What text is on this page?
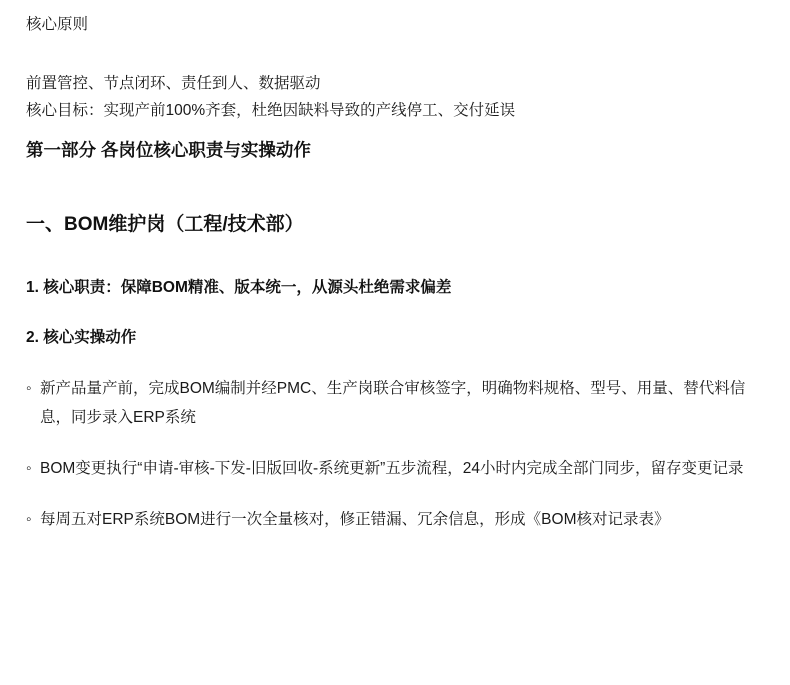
核心原则

前置管控、节点闭环、责任到人、数据驱动

核心目标：实现产前100%齐套，杜绝因缺料导致的产线停工、交付延误

第一部分 各岗位核心职责与实操动作

一、BOM维护岗（工程/技术部）

1. 核心职责：保障BOM精准、版本统一，从源头杜绝需求偏差

2. 核心实操动作

◦ 新产品量产前，完成BOM编制并经PMC、生产岗联合审核签字，明确物料规格、型号、用量、替代料信息，同步录入ERP系统
◦ BOM变更执行“申请-审核-下发-旧版回收-系统更新”五步流程，24小时内完成全部门同步，留存变更记录
◦ 每周五对ERP系统BOM进行一次全量核对，修正错漏、冗余信息，形成《BOM核对记录表》
